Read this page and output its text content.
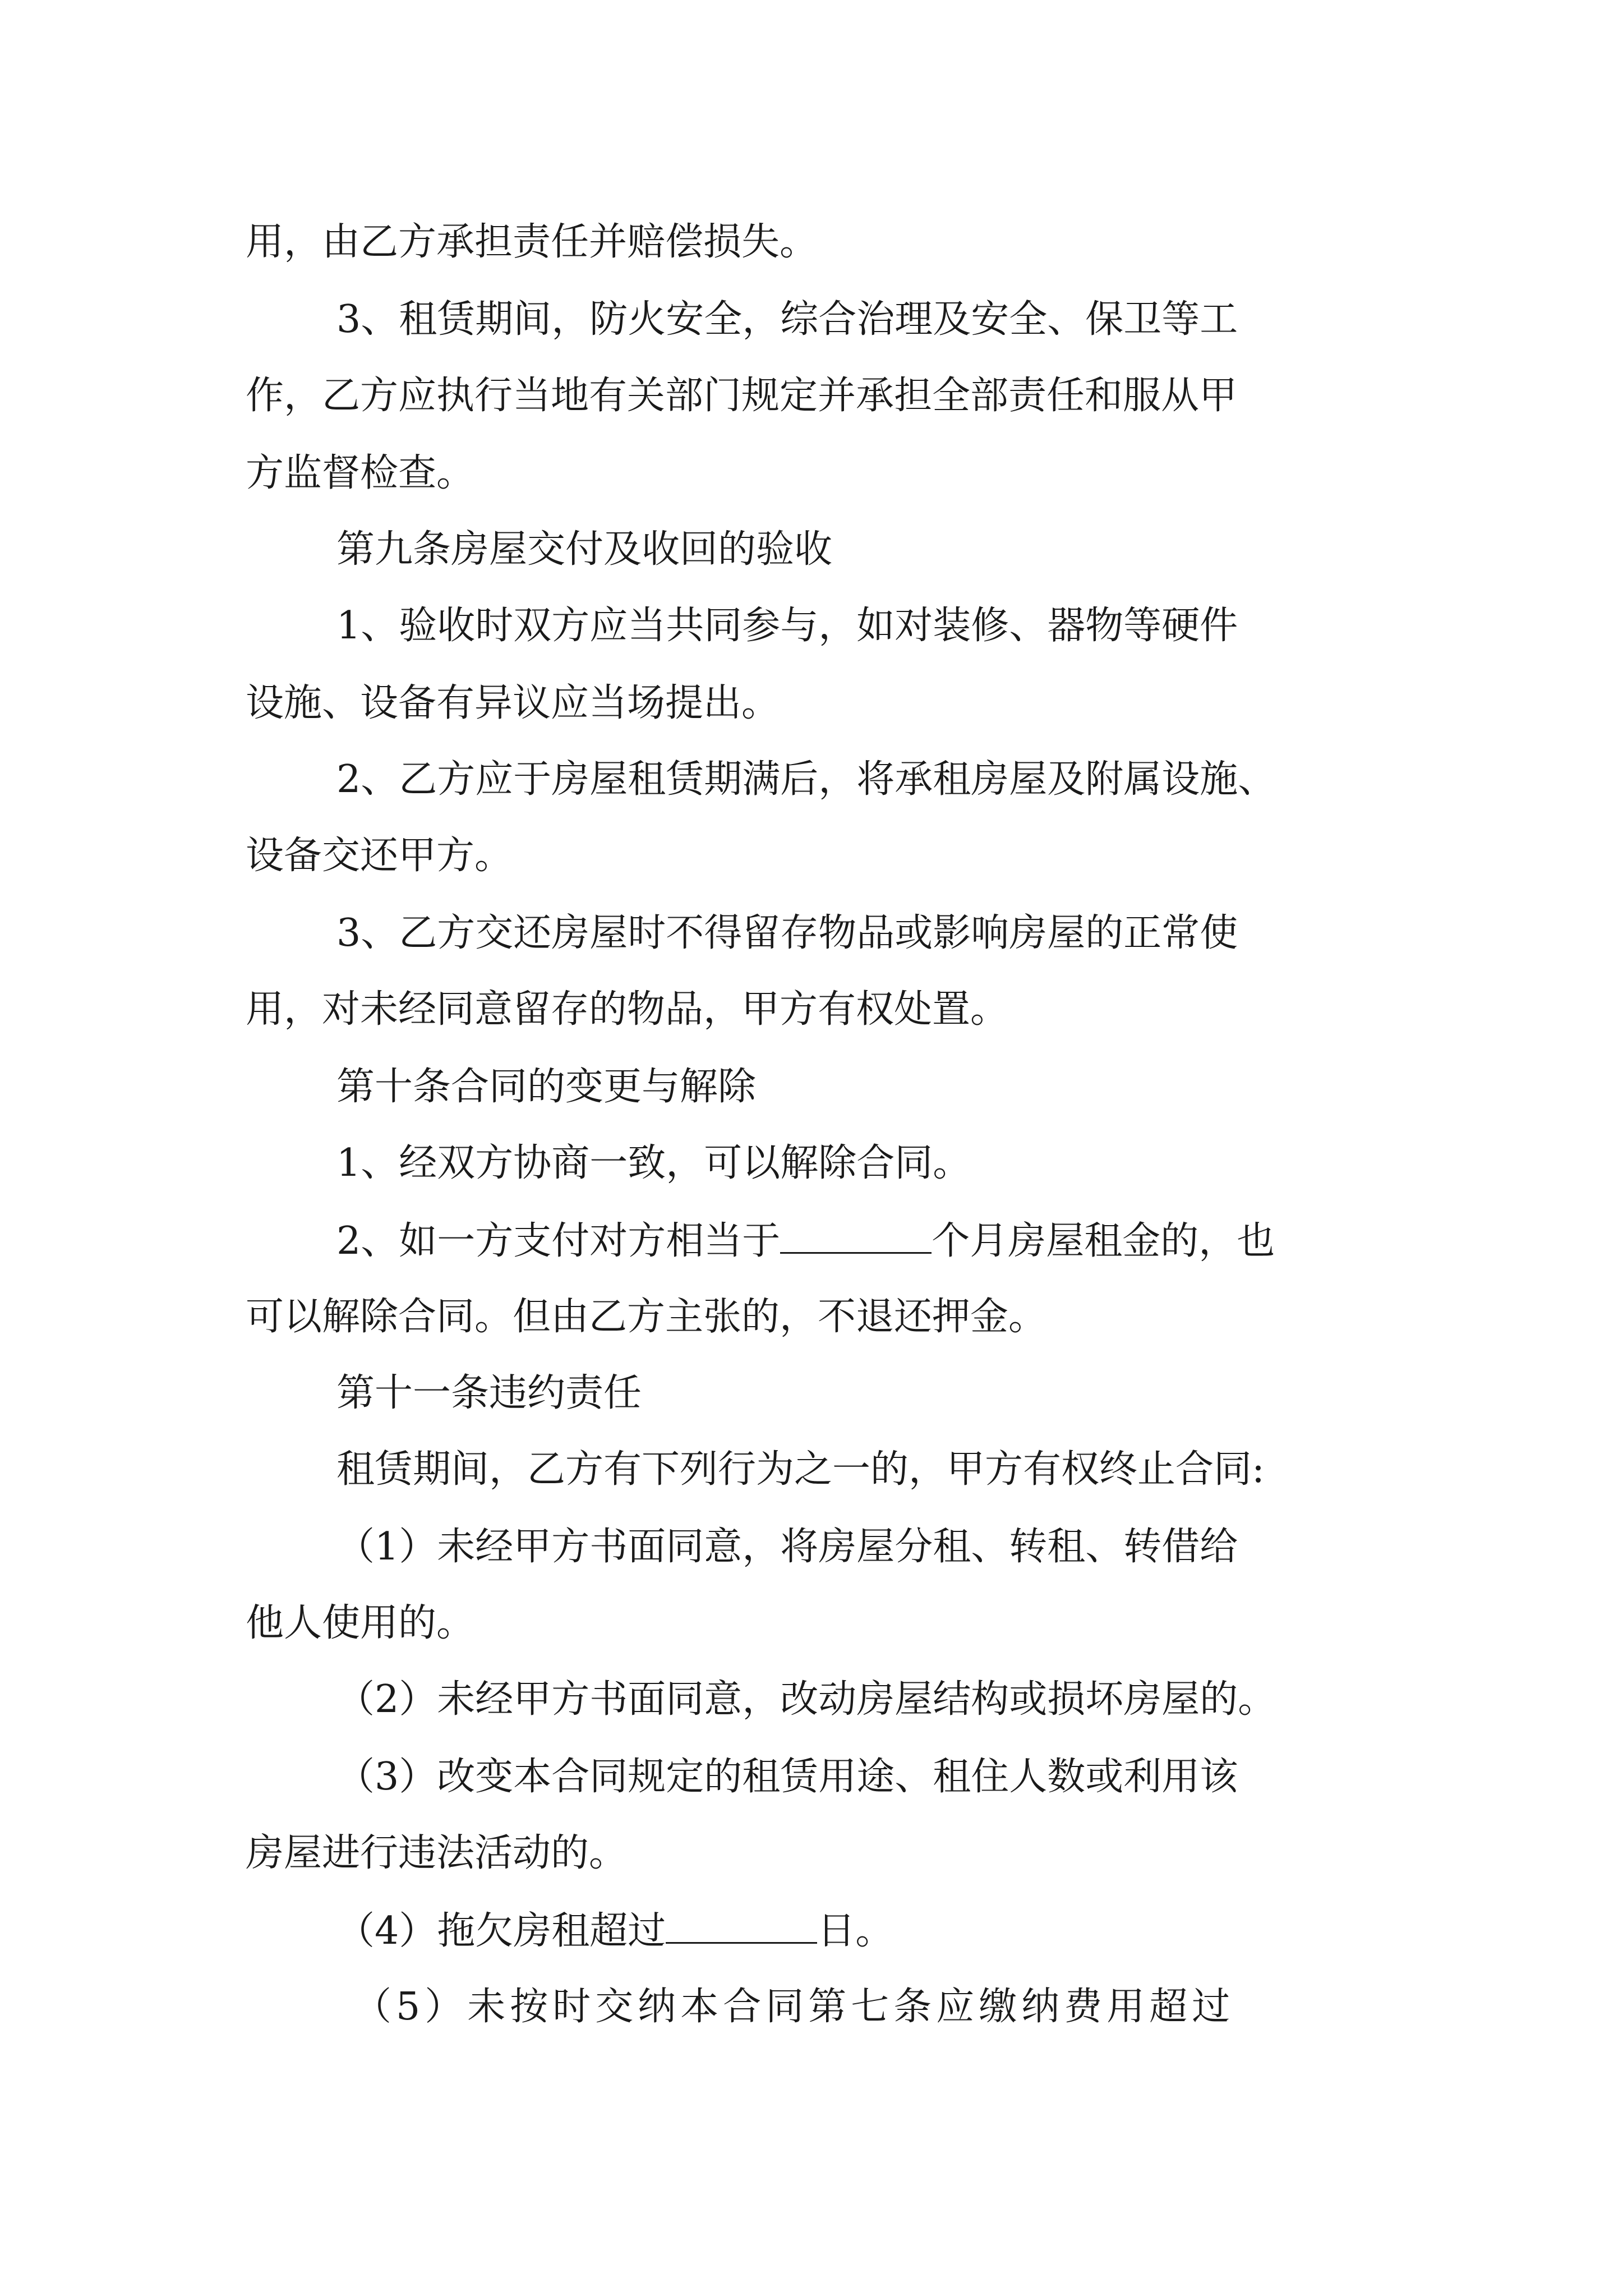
用，由乙方承担责任并赔偿损失。
3、租赁期间，防火安全，综合治理及安全、保卫等工
作，乙方应执行当地有关部门规定并承担全部责任和服从甲
方监督检查。
第九条房屋交付及收回的验收
1、验收时双方应当共同参与，如对装修、器物等硬件
设施、设备有异议应当场提出。
2、乙方应于房屋租赁期满后，将承租房屋及附属设施、
设备交还甲方。
3、乙方交还房屋时不得留存物品或影响房屋的正常使
用，对未经同意留存的物品，甲方有权处置。
第十条合同的变更与解除
1、经双方协商一致，可以解除合同。
2、如一方支付对方相当于	个月房屋租金的，也
可以解除合同。但由乙方主张的，不退还押金。
第十一条违约责任
租赁期间，乙方有下列行为之一的，甲方有权终止合同:
（1）未经甲方书面同意，将房屋分租、转租、转借给
他人使用的。
（2）未经甲方书面同意，改动房屋结构或损坏房屋的。
（3）改变本合同规定的租赁用途、租住人数或利用该
房屋进行违法活动的。
（4）拖欠房租超过	日。
（5）未按时交纳本合同第七条应缴纳费用超过
